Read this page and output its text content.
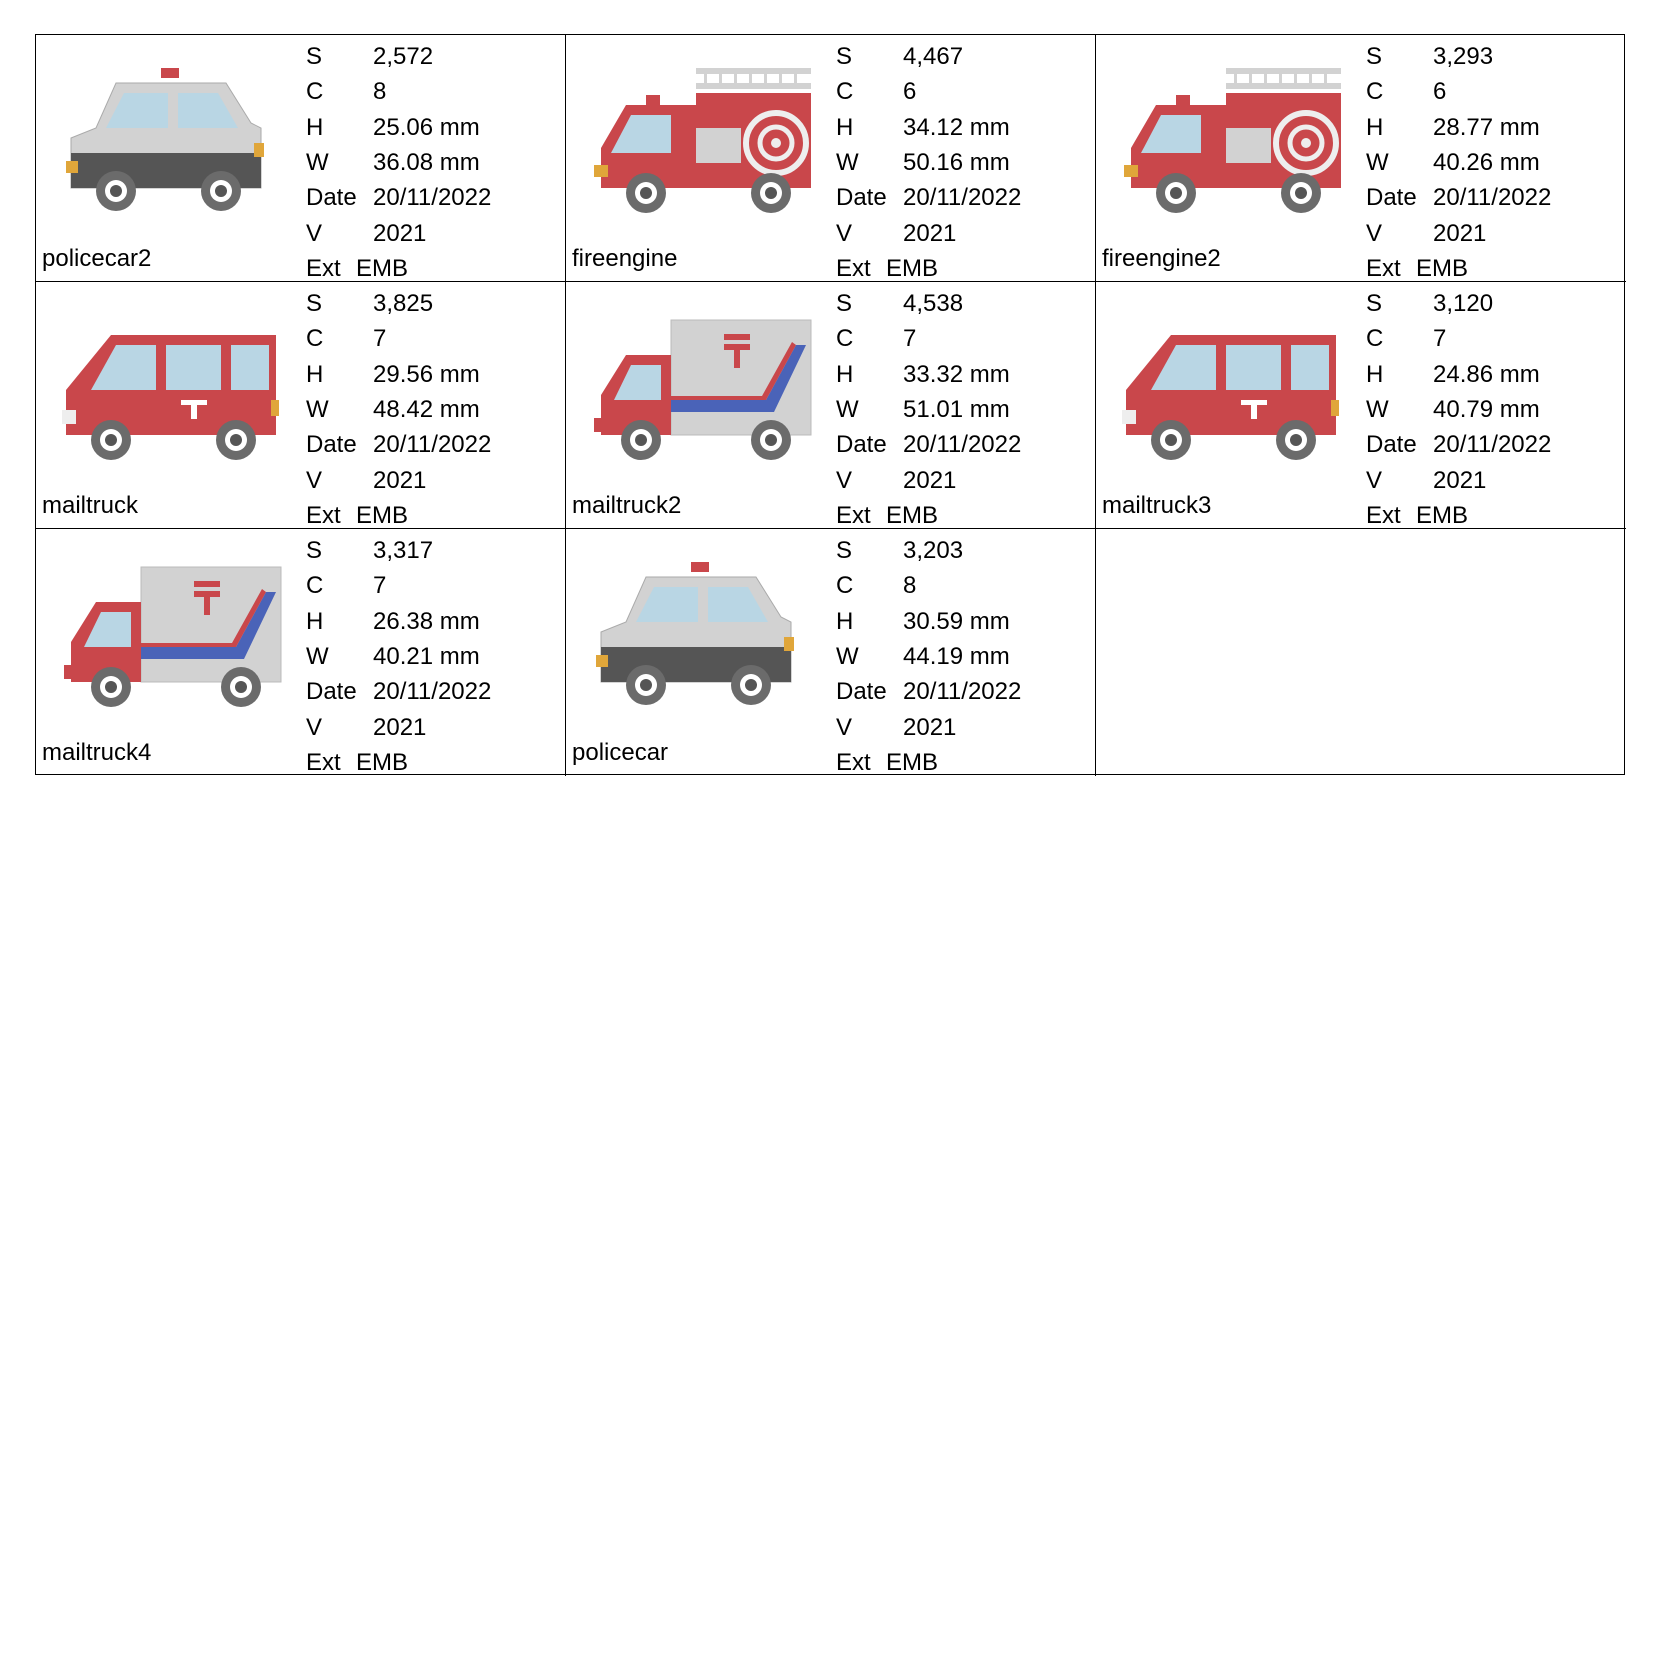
policecar2
S 2,572
C 8
H 25.06 mm
W 36.08 mm
Date 20/11/2022
V 2021
Ext EMB	fireengine
S 4,467
C 6
H 34.12 mm
W 50.16 mm
Date 20/11/2022
V 2021
Ext EMB	fireengine2
S 3,293
C 6
H 28.77 mm
W 40.26 mm
Date 20/11/2022
V 2021
Ext EMB
mailtruck
S 3,825
C 7
H 29.56 mm
W 48.42 mm
Date 20/11/2022
V 2021
Ext EMB	mailtruck2
S 4,538
C 7
H 33.32 mm
W 51.01 mm
Date 20/11/2022
V 2021
Ext EMB	mailtruck3
S 3,120
C 7
H 24.86 mm
W 40.79 mm
Date 20/11/2022
V 2021
Ext EMB
mailtruck4
S 3,317
C 7
H 26.38 mm
W 40.21 mm
Date 20/11/2022
V 2021
Ext EMB	policecar
S 3,203
C 8
H 30.59 mm
W 44.19 mm
Date 20/11/2022
V 2021
Ext EMB
